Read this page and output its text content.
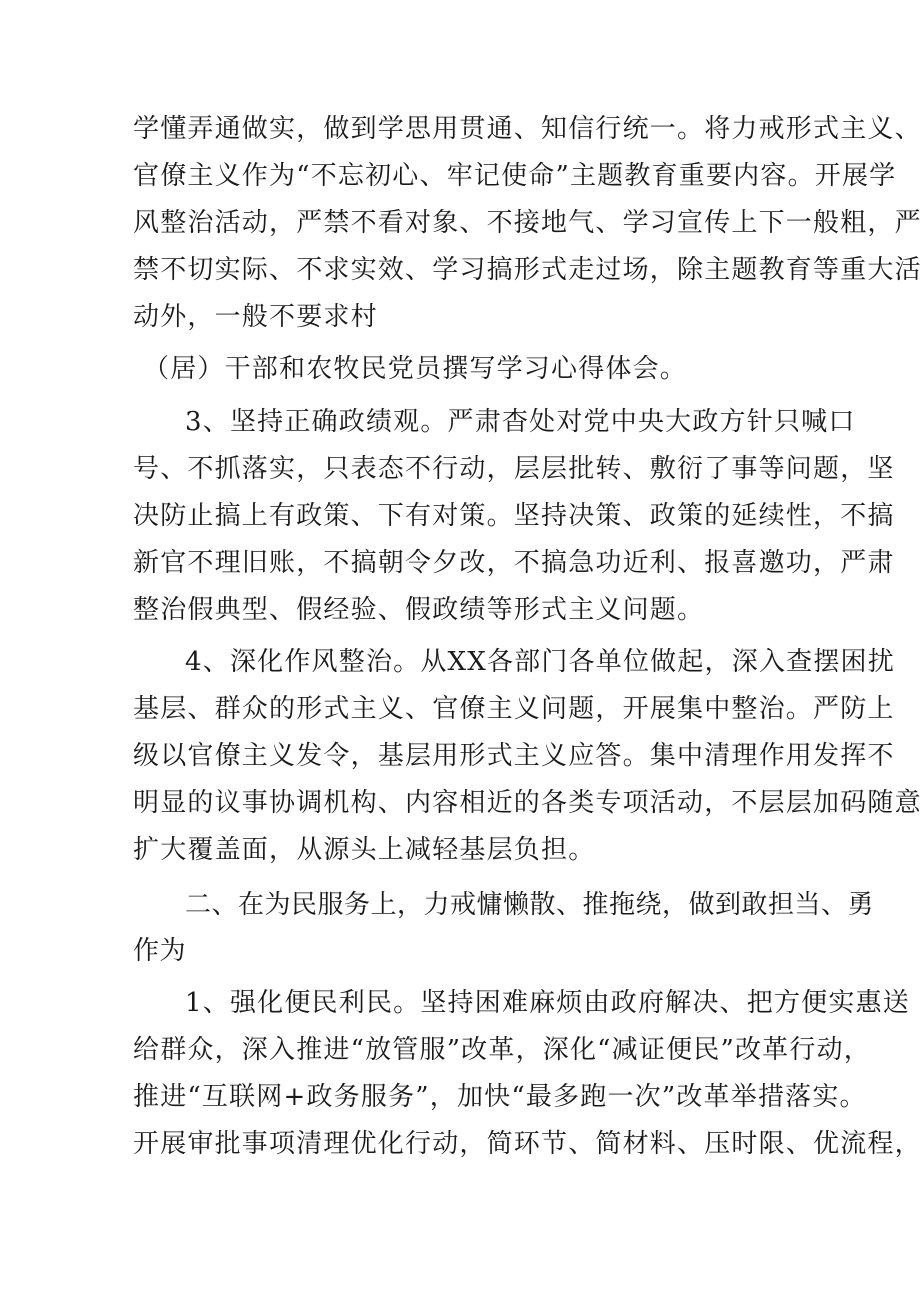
学懂弄通做实，做到学思用贯通、知信行统一。将力戒形式主义、
官僚主义作为“不忘初心、牢记使命”主题教育重要内容。开展学
风整治活动，严禁不看对象、不接地气、学习宣传上下一般粗，严
禁不切实际、不求实效、学习搞形式走过场，除主题教育等重大活
动外，一般不要求村
（居）干部和农牧民党员撰写学习心得体会。
3、坚持正确政绩观。严肃杳处对党中央大政方针只喊口
号、不抓落实，只表态不行动，层层批转、敷衍了事等问题，坚
决防止搞上有政策、下有对策。坚持决策、政策的延续性，不搞
新官不理旧账，不搞朝令夕改，不搞急功近利、报喜邀功，严肃
整治假典型、假经验、假政绩等形式主义问题。
4、深化作风整治。从XX各部门各单位做起，深入查摆困扰
基层、群众的形式主义、官僚主义问题，开展集中整治。严防上
级以官僚主义发令，基层用形式主义应答。集中清理作用发挥不
明显的议事协调机构、内容相近的各类专项活动，不层层加码随意
扩大覆盖面，从源头上减轻基层负担。
二、在为民服务上，力戒慵懒散、推拖绕，做到敢担当、勇
作为
1、强化便民利民。坚持困难麻烦由政府解决、把方便实惠送
给群众，深入推进“放管服”改革，深化“减证便民”改革行动，
推进“互联网+政务服务”，加快“最多跑一次”改革举措落实。
开展审批事项清理优化行动，简环节、简材料、压时限、优流程，
